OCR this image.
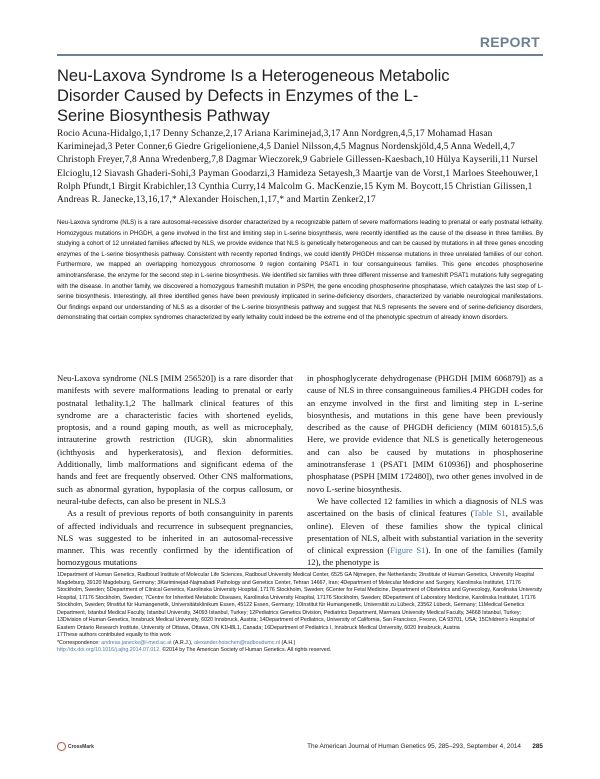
REPORT
Neu-Laxova Syndrome Is a Heterogeneous Metabolic Disorder Caused by Defects in Enzymes of the L-Serine Biosynthesis Pathway
Rocio Acuna-Hidalgo,1,17 Denny Schanze,2,17 Ariana Kariminejad,3,17 Ann Nordgren,4,5,17 Mohamad Hasan Kariminejad,3 Peter Conner,6 Giedre Grigelioniene,4,5 Daniel Nilsson,4,5 Magnus Nordenskjöld,4,5 Anna Wedell,4,7 Christoph Freyer,7,8 Anna Wredenberg,7,8 Dagmar Wieczorek,9 Gabriele Gillessen-Kaesbach,10 Hülya Kayserili,11 Nursel Elcioglu,12 Siavash Ghaderi-Sohi,3 Payman Goodarzi,3 Hamideza Setayesh,3 Maartje van de Vorst,1 Marloes Steehouwer,1 Rolph Pfundt,1 Birgit Krabichler,13 Cynthia Curry,14 Malcolm G. MacKenzie,15 Kym M. Boycott,15 Christian Gilissen,1 Andreas R. Janecke,13,16,17,* Alexander Hoischen,1,17,* and Martin Zenker2,17
Neu-Laxova syndrome (NLS) is a rare autosomal-recessive disorder characterized by a recognizable pattern of severe malformations leading to prenatal or early postnatal lethality. Homozygous mutations in PHGDH, a gene involved in the first and limiting step in L-serine biosynthesis, were recently identified as the cause of the disease in three families. By studying a cohort of 12 unrelated families affected by NLS, we provide evidence that NLS is genetically heterogeneous and can be caused by mutations in all three genes encoding enzymes of the L-serine biosynthesis pathway. Consistent with recently reported findings, we could identify PHGDH missense mutations in three unrelated families of our cohort. Furthermore, we mapped an overlapping homozygous chromosome 9 region containing PSAT1 in four consanguineous families. This gene encodes phosphoserine aminotransferase, the enzyme for the second step in L-serine biosynthesis. We identified six families with three different missense and frameshift PSAT1 mutations fully segregating with the disease. In another family, we discovered a homozygous frameshift mutation in PSPH, the gene encoding phosphoserine phosphatase, which catalyzes the last step of L-serine biosynthesis. Interestingly, all three identified genes have been previously implicated in serine-deficiency disorders, characterized by variable neurological manifestations. Our findings expand our understanding of NLS as a disorder of the L-serine biosynthesis pathway and suggest that NLS represents the severe end of serine-deficiency disorders, demonstrating that certain complex syndromes characterized by early lethality could indeed be the extreme end of the phenotypic spectrum of already known disorders.

Neu-Laxova syndrome (NLS [MIM 256520]) is a rare disorder that manifests with severe malformations leading to prenatal or early postnatal lethality.1,2 The hallmark clinical features of this syndrome are a characteristic facies with shortened eyelids, proptosis, and a round gaping mouth, as well as microcephaly, intrauterine growth restriction (IUGR), skin abnormalities (ichthyosis and hyperkeratosis), and flexion deformities. Additionally, limb malformations and significant edema of the hands and feet are frequently observed. Other CNS malformations, such as abnormal gyration, hypoplasia of the corpus callosum, or neural-tube defects, can also be present in NLS.3

As a result of previous reports of both consanguinity in parents of affected individuals and recurrence in subsequent pregnancies, NLS was suggested to be inherited in an autosomal-recessive manner. This was recently confirmed by the identification of homozygous mutations

in phosphoglycerate dehydrogenase (PHGDH [MIM 606879]) as a cause of NLS in three consanguineous families.4 PHGDH codes for an enzyme involved in the first and limiting step in L-serine biosynthesis, and mutations in this gene have been previously described as the cause of PHGDH deficiency (MIM 601815).5,6 Here, we provide evidence that NLS is genetically heterogeneous and can also be caused by mutations in phosphoserine aminotransferase 1 (PSAT1 [MIM 610936]) and phosphoserine phosphatase (PSPH [MIM 172480]), two other genes involved in de novo L-serine biosynthesis.

We have collected 12 families in which a diagnosis of NLS was ascertained on the basis of clinical features (Table S1, available online). Eleven of these families show the typical clinical presentation of NLS, albeit with substantial variation in the severity of clinical expression (Figure S1). In one of the families (family 12), the phenotype is

1Department of Human Genetics, Radboud Institute of Molecular Life Sciences, Radboud University Medical Center, 6525 GA Nijmegen, the Netherlands; 2Institute of Human Genetics, University Hospital Magdeburg, 39120 Magdeburg, Germany; 3Kariminejad-Najmabadi Pathology and Genetics Center, Tehran 14667, Iran; 4Department of Molecular Medicine and Surgery, Karolinska Institutet, 17176 Stockholm, Sweden; 5Department of Clinical Genetics, Karolinska University Hospital, 17176 Stockholm, Sweden; 6Center for Fetal Medicine, Department of Obstetrics and Gynecology, Karolinska University Hospital, 17176 Stockholm, Sweden; 7Centre for Inherited Metabolic Diseases, Karolinska University Hospital, 17176 Stockholm, Sweden; 8Department of Laboratory Medicine, Karolinska Institutet, 17176 Stockholm, Sweden; 9Institut für Humangenetik, Universitätsklinikum Essen, 45122 Essen, Germany; 10Institut für Humangenetik, Universität zu Lübeck, 23562 Lübeck, Germany; 11Medical Genetics Department, Istanbul Medical Faculty, Istanbul University, 34093 Istanbul, Turkey; 12Pediatrics Genetics Division, Pediatrics Department, Marmara University Medical Faculty, 34668 Istanbul, Turkey; 13Division of Human Genetics, Innsbruck Medical University, 6020 Innsbruck, Austria; 14Department of Pediatrics, University of California, San Francisco, Fresno, CA 93701, USA; 15Children's Hospital of Eastern Ontario Research Institute, University of Ottawa, Ottawa, ON K1H8L1, Canada; 16Department of Pediatrics I, Innsbruck Medical University, 6020 Innsbruck, Austria

17These authors contributed equally to this work

*Correspondence: andreas.janecke@i-med.ac.at (A.R.J.), alexander.hoischen@radboudumc.nl (A.H.)

http://dx.doi.org/10.1016/j.ajhg.2014.07.012. ©2014 by The American Society of Human Genetics. All rights reserved.

CrossMark	The American Journal of Human Genetics 95, 285–293, September 4, 2014 285
